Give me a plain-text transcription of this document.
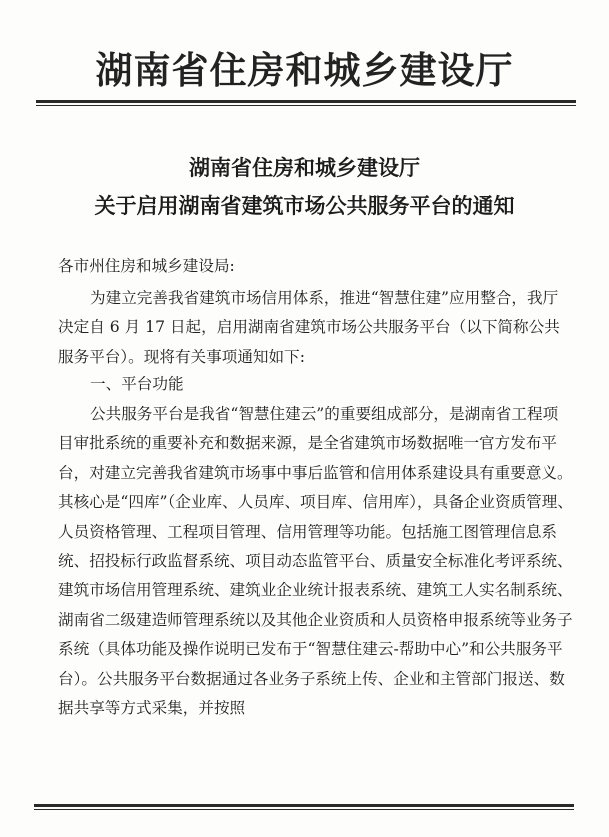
湖南省住房和城乡建设厅
湖南省住房和城乡建设厅
关于启用湖南省建筑市场公共服务平台的通知
各市州住房和城乡建设局:
为建立完善我省建筑市场信用体系，推进“智慧住建”应用整合，我厅决定自 6 月 17 日起，启用湖南省建筑市场公共服务平台（以下简称公共服务平台）。现将有关事项通知如下:
一、平台功能
公共服务平台是我省“智慧住建云”的重要组成部分，是湖南省工程项目审批系统的重要补充和数据来源，是全省建筑市场数据唯一官方发布平台，对建立完善我省建筑市场事中事后监管和信用体系建设具有重要意义。其核心是“四库”（企业库、人员库、项目库、信用库），具备企业资质管理、人员资格管理、工程项目管理、信用管理等功能。包括施工图管理信息系统、招投标行政监督系统、项目动态监管平台、质量安全标准化考评系统、建筑市场信用管理系统、建筑业企业统计报表系统、建筑工人实名制系统、湖南省二级建造师管理系统以及其他企业资质和人员资格申报系统等业务子系统（具体功能及操作说明已发布于“智慧住建云-帮助中心”和公共服务平台）。公共服务平台数据通过各业务子系统上传、企业和主管部门报送、数据共享等方式采集，并按照
